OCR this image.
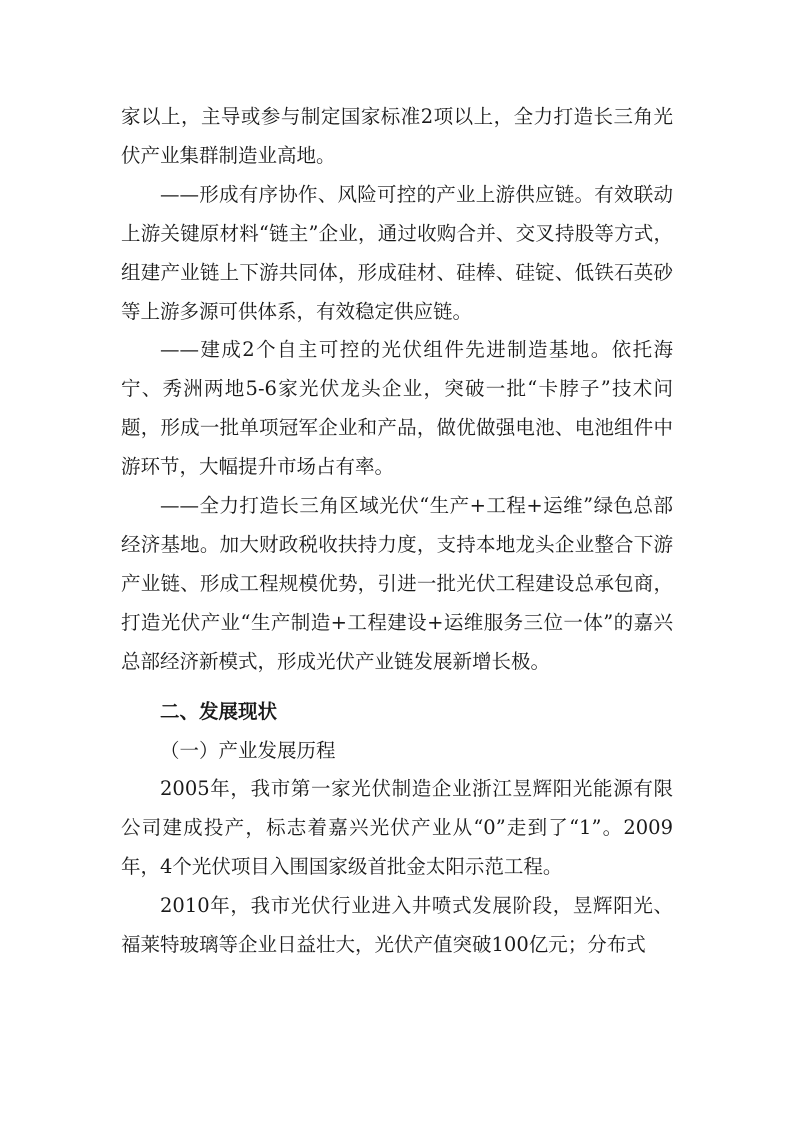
家以上，主导或参与制定国家标准2项以上，全力打造长三角光伏产业集群制造业高地。

——形成有序协作、风险可控的产业上游供应链。有效联动上游关键原材料“链主”企业，通过收购合并、交叉持股等方式，组建产业链上下游共同体，形成硅材、硅棒、硅锭、低铁石英砂等上游多源可供体系，有效稳定供应链。

——建成2个自主可控的光伏组件先进制造基地。依托海宁、秀洲两地5-6家光伏龙头企业，突破一批“卡脖子”技术问题，形成一批单项冠军企业和产品，做优做强电池、电池组件中游环节，大幅提升市场占有率。

——全力打造长三角区域光伏“生产+工程+运维”绿色总部经济基地。加大财政税收扶持力度，支持本地龙头企业整合下游产业链、形成工程规模优势，引进一批光伏工程建设总承包商，打造光伏产业“生产制造+工程建设+运维服务三位一体”的嘉兴总部经济新模式，形成光伏产业链发展新增长极。

二、发展现状

（一）产业发展历程

2005年，我市第一家光伏制造企业浙江昱辉阳光能源有限公司建成投产，标志着嘉兴光伏产业从“0”走到了“1”。2009年，4个光伏项目入围国家级首批金太阳示范工程。

2010年，我市光伏行业进入井喷式发展阶段，昱辉阳光、福莱特玻璃等企业日益壮大，光伏产值突破100亿元；分布式
